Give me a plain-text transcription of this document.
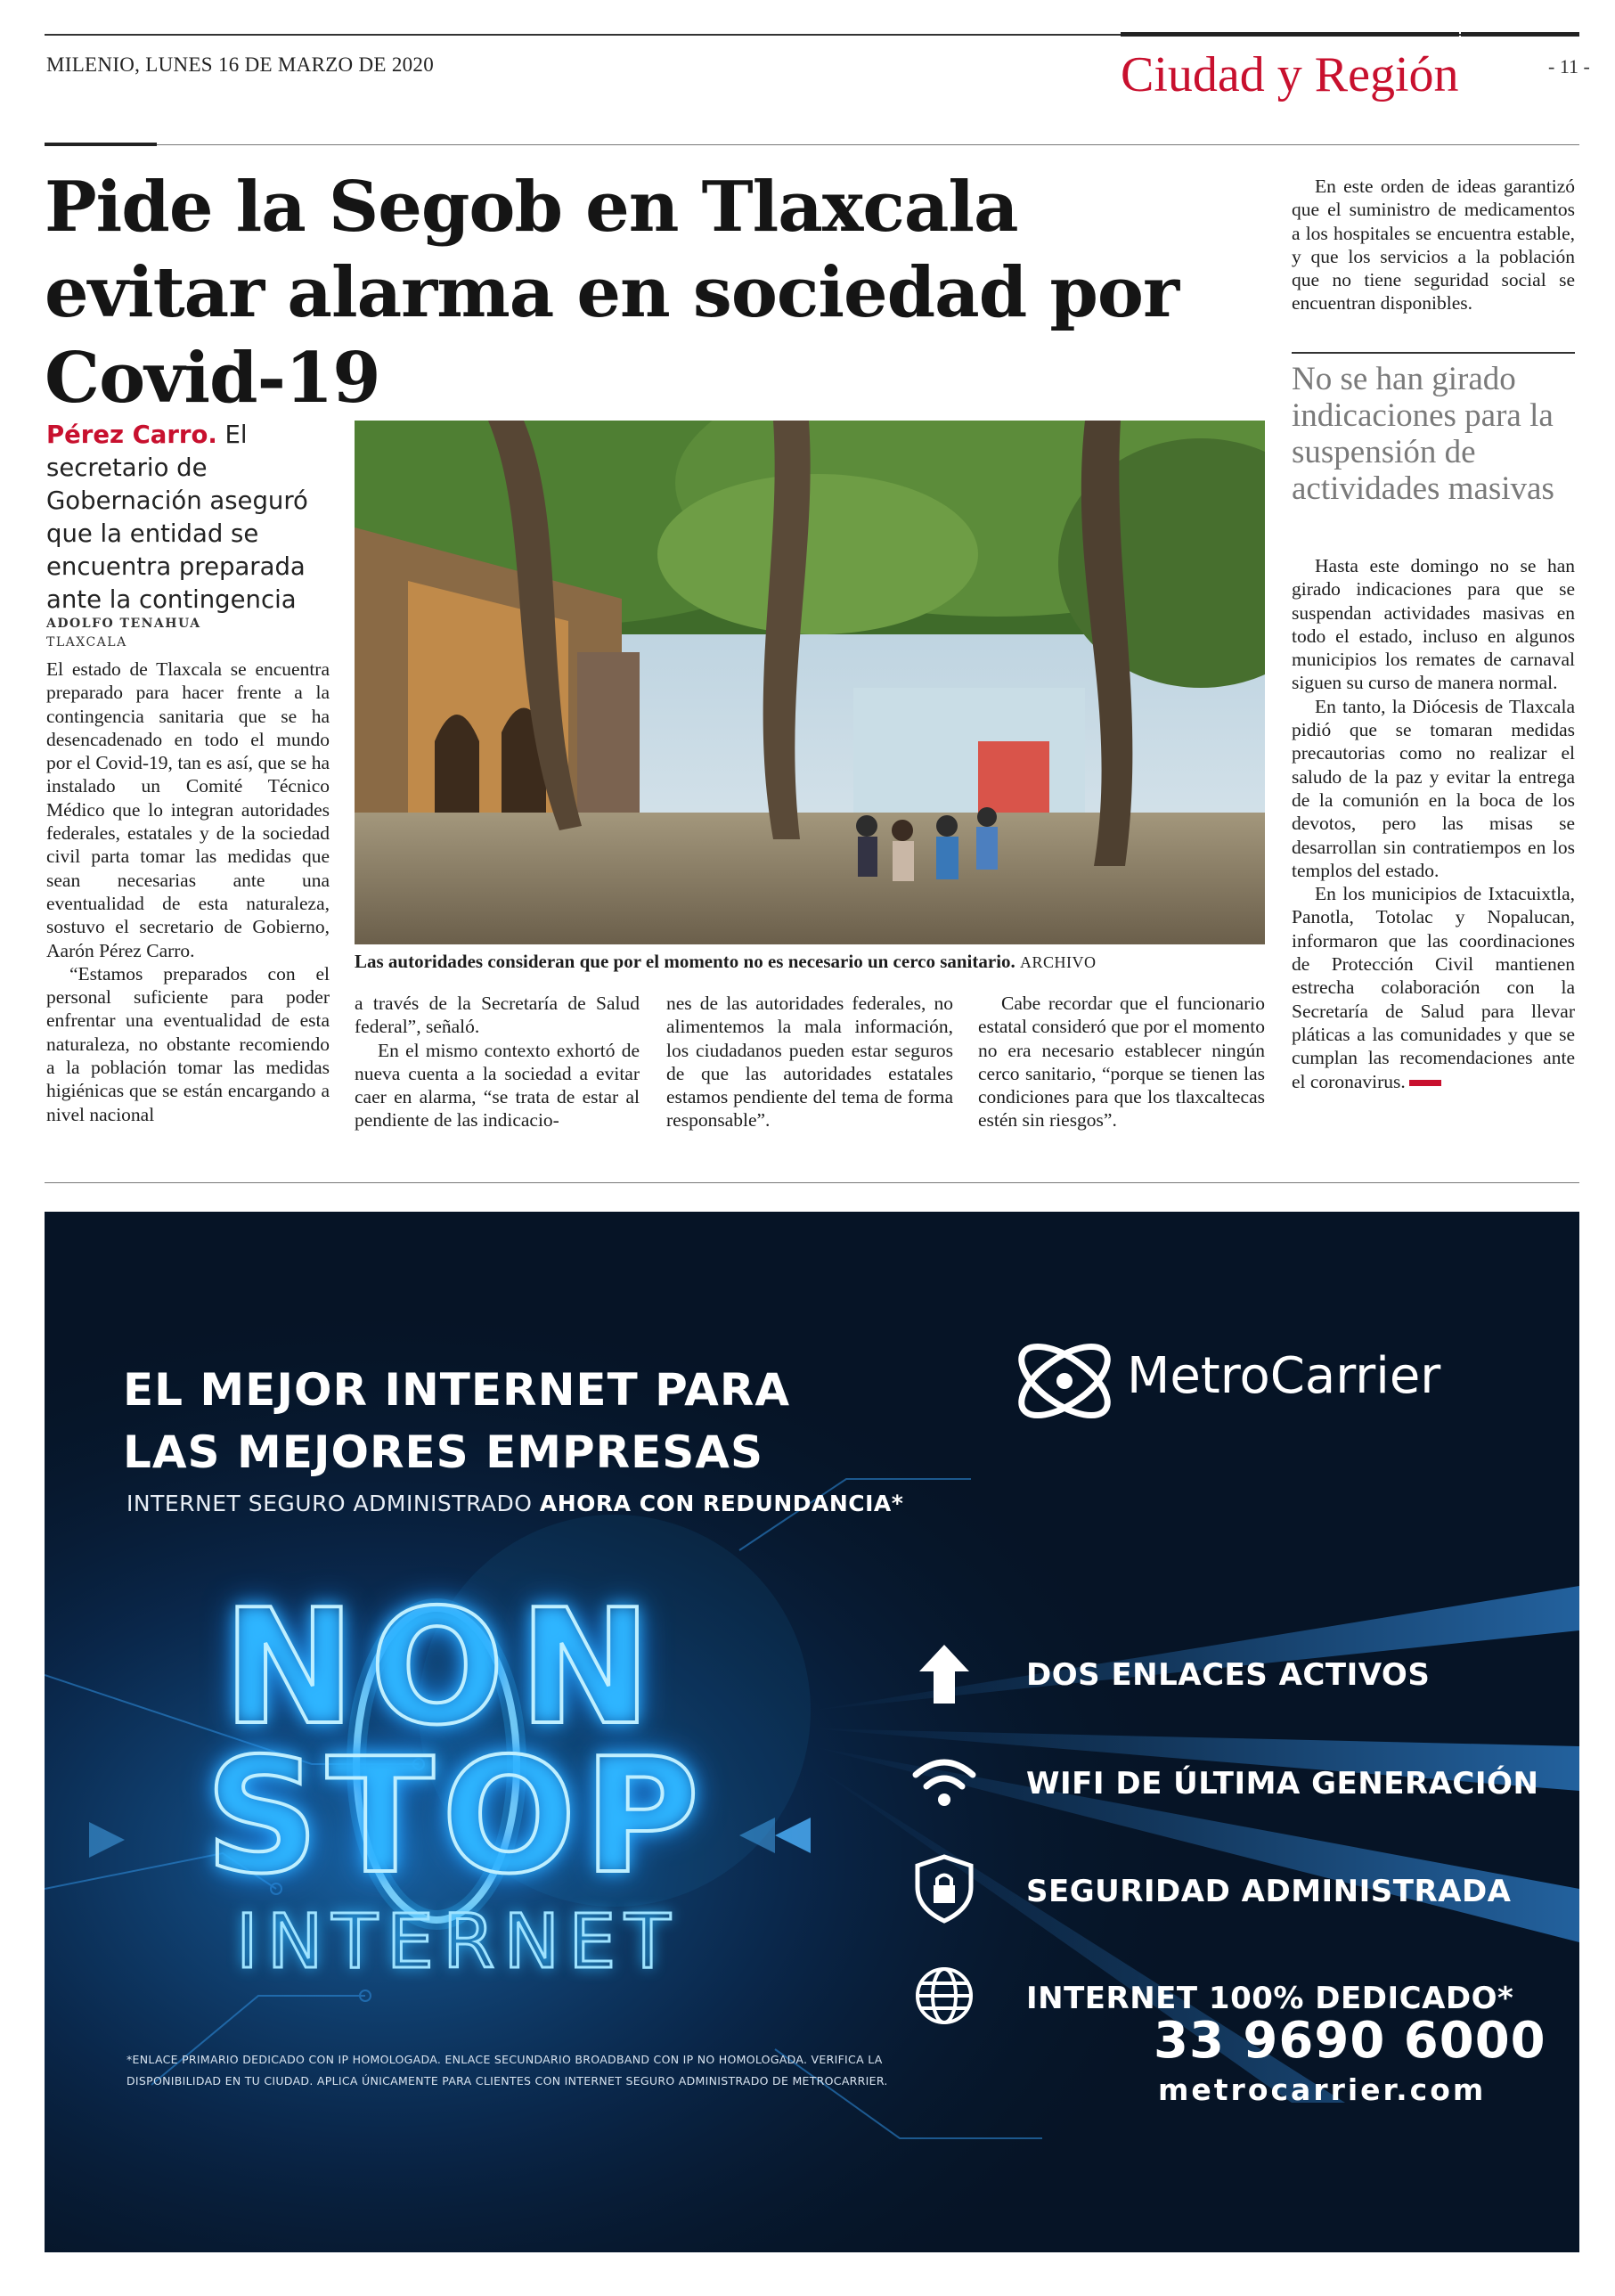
MILENIO, LUNES 16 DE MARZO DE 2020	Ciudad y Región	- 11 -
Pide la Segob en Tlaxcala evitar alarma en sociedad por Covid-19
Pérez Carro. El secretario de Gobernación aseguró que la entidad se encuentra preparada ante la contingencia
ADOLFO TENAHUA
TLAXCALA

El estado de Tlaxcala se encuentra preparado para hacer frente a la contingencia sanitaria que se ha desencadenado en todo el mundo por el Covid-19, tan es así, que se ha instalado un Comité Técnico Médico que lo integran autoridades federales, estatales y de la sociedad civil parta tomar las medidas que sean necesarias ante una eventualidad de esta naturaleza, sostuvo el secretario de Gobierno, Aarón Pérez Carro.

“Estamos preparados con el personal suficiente para poder enfrentar una eventualidad de esta naturaleza, no obstante recomiendo a la población tomar las medidas higiénicas que se están encargando a nivel nacional

Las autoridades consideran que por el momento no es necesario un cerco sanitario. ARCHIVO

a través de la Secretaría de Salud federal”, señaló.

En el mismo contexto exhortó de nueva cuenta a la sociedad a evitar caer en alarma, “se trata de estar al pendiente de las indicacio-

nes de las autoridades federales, no alimentemos la mala información, los ciudadanos pueden estar seguros de que las autoridades estatales estamos pendiente del tema de forma responsable”.

Cabe recordar que el funcionario estatal consideró que por el momento no era necesario establecer ningún cerco sanitario, “porque se tienen las condiciones para que los tlaxcaltecas estén sin riesgos”.

En este orden de ideas garantizó que el suministro de medicamentos a los hospitales se encuentra estable, y que los servicios a la población que no tiene seguridad social se encuentran disponibles.

No se han girado indicaciones para la suspensión de actividades masivas

Hasta este domingo no se han girado indicaciones para que se suspendan actividades masivas en todo el estado, incluso en algunos municipios los remates de carnaval siguen su curso de manera normal.

En tanto, la Diócesis de Tlaxcala pidió que se tomaran medidas precautorias como no realizar el saludo de la paz y evitar la entrega de la comunión en la boca de los devotos, pero las misas se desarrollan sin contratiempos en los templos del estado.

En los municipios de Ixtacuixtla, Panotla, Totolac y Nopalucan, informaron que las coordinaciones de Protección Civil mantienen estrecha colaboración con la Secretaría de Salud para llevar pláticas a las comunidades y que se cumplan las recomendaciones ante el coronavirus.

EL MEJOR INTERNET PARA
LAS MEJORES EMPRESAS
INTERNET SEGURO ADMINISTRADO AHORA CON REDUNDANCIA*
MetroCarrier
NON
STOP
INTERNET
DOS ENLACES ACTIVOS
WIFI DE ÚLTIMA GENERACIÓN
SEGURIDAD ADMINISTRADA
INTERNET 100% DEDICADO*
33 9690 6000
metrocarrier.com
*ENLACE PRIMARIO DEDICADO CON IP HOMOLOGADA. ENLACE SECUNDARIO BROADBAND CON IP NO HOMOLOGADA. VERIFICA LA DISPONIBILIDAD EN TU CIUDAD. APLICA ÚNICAMENTE PARA CLIENTES CON INTERNET SEGURO ADMINISTRADO DE METROCARRIER.
